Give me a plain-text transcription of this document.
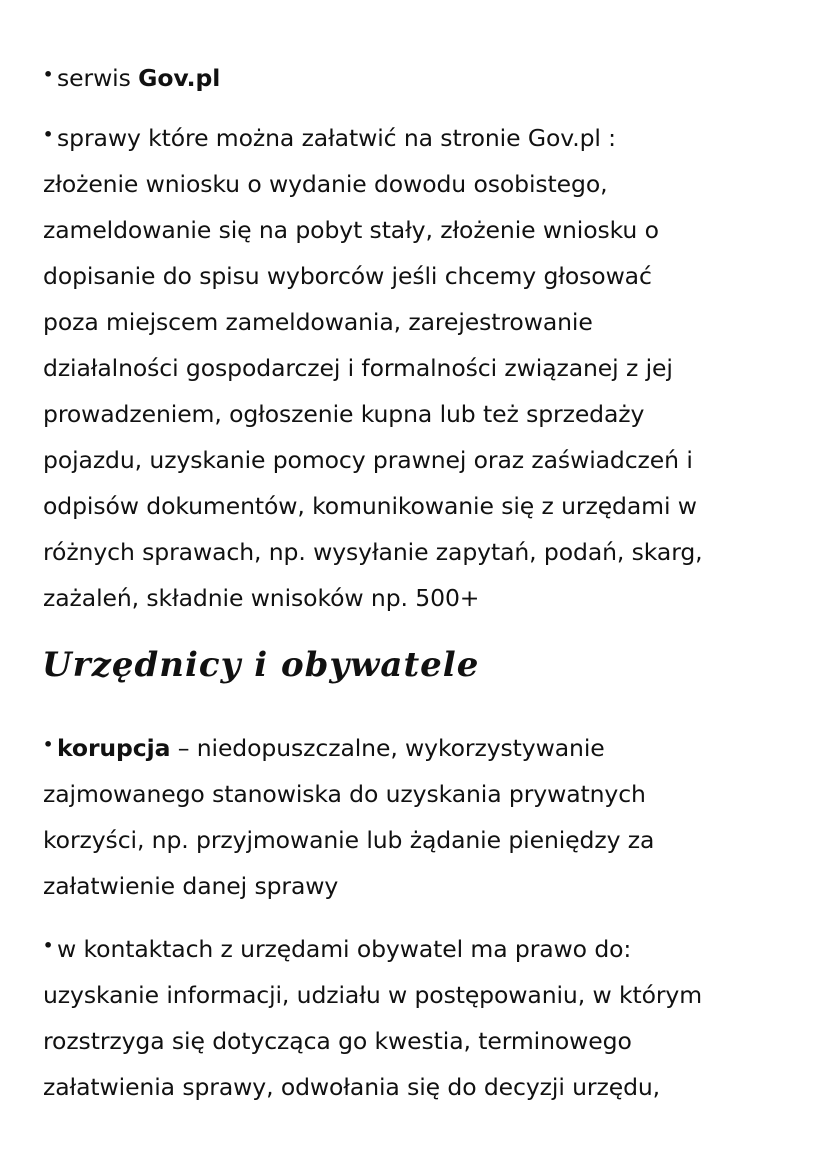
• serwis Gov.pl
• sprawy które można załatwić na stronie Gov.pl :
złożenie wniosku o wydanie dowodu osobistego,
zameldowanie się na pobyt stały, złożenie wniosku o
dopisanie do spisu wyborców jeśli chcemy głosować
poza miejscem zameldowania, zarejestrowanie
działalności gospodarczej i formalności związanej z jej
prowadzeniem, ogłoszenie kupna lub też sprzedaży
pojazdu, uzyskanie pomocy prawnej oraz zaświadczeń i
odpisów dokumentów, komunikowanie się z urzędami w
różnych sprawach, np. wysyłanie zapytań, podań, skarg,
zażaleń, składnie wnisoków np. 500+
Urzędnicy i obywatele
• korupcja – niedopuszczalne, wykorzystywanie
zajmowanego stanowiska do uzyskania prywatnych
korzyści, np. przyjmowanie lub żądanie pieniędzy za
załatwienie danej sprawy
• w kontaktach z urzędami obywatel ma prawo do:
uzyskanie informacji, udziału w postępowaniu, w którym
rozstrzyga się dotycząca go kwestia, terminowego
załatwienia sprawy, odwołania się do decyzji urzędu,
